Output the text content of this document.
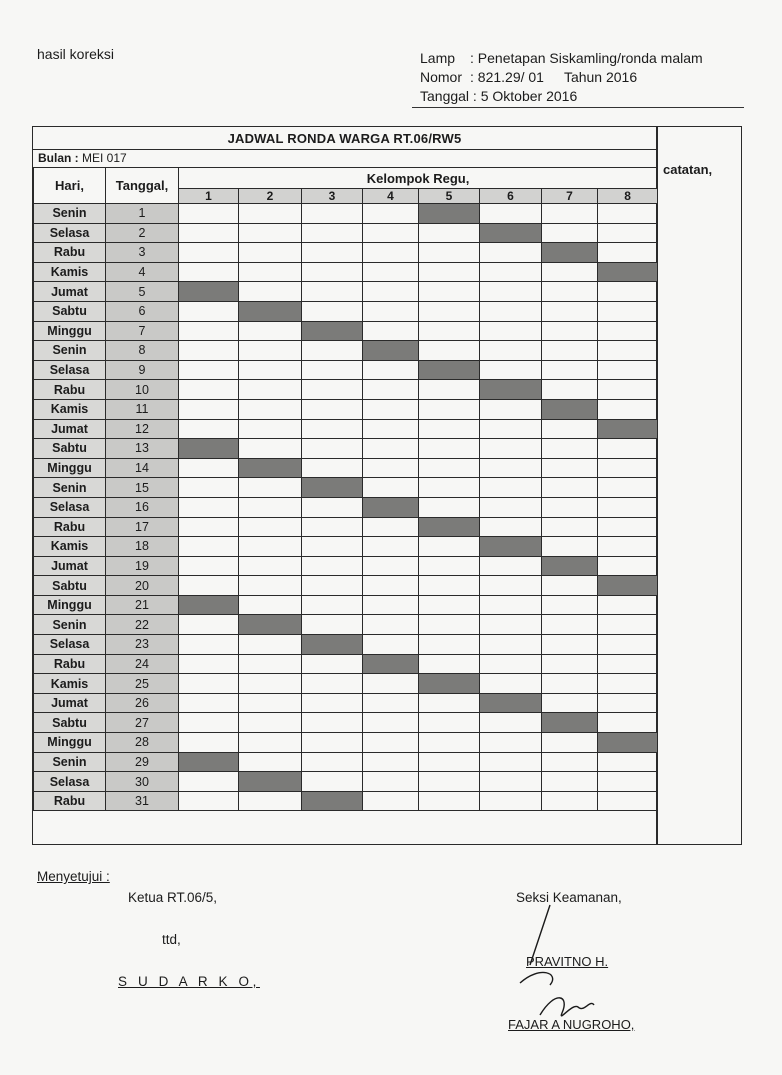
hasil koreksi	Lamp : Penetapan Siskamling/ronda malam
Nomor : 821.29/ 01 Tahun 2016
Tanggal : 5 Oktober 2016
JADWAL RONDA WARGA RT.06/RW5
Bulan : MEI 017
catatan,
Hari,	Tanggal,	Kelompok Regu,							
		1	2	3	4	5	6	7	8
Senin	1								
Selasa	2								
Rabu	3								
Kamis	4								
Jumat	5								
Sabtu	6								
Minggu	7								
Senin	8								
Selasa	9								
Rabu	10								
Kamis	11								
Jumat	12								
Sabtu	13								
Minggu	14								
Senin	15								
Selasa	16								
Rabu	17								
Kamis	18								
Jumat	19								
Sabtu	20								
Minggu	21								
Senin	22								
Selasa	23								
Rabu	24								
Kamis	25								
Jumat	26								
Sabtu	27								
Minggu	28								
Senin	29								
Selasa	30								
Rabu	31								
Menyetujui :
Ketua RT.06/5,
ttd,
S U D A R K O,
Seksi Keamanan,
PRAVITNO H.
FAJAR A NUGROHO,
